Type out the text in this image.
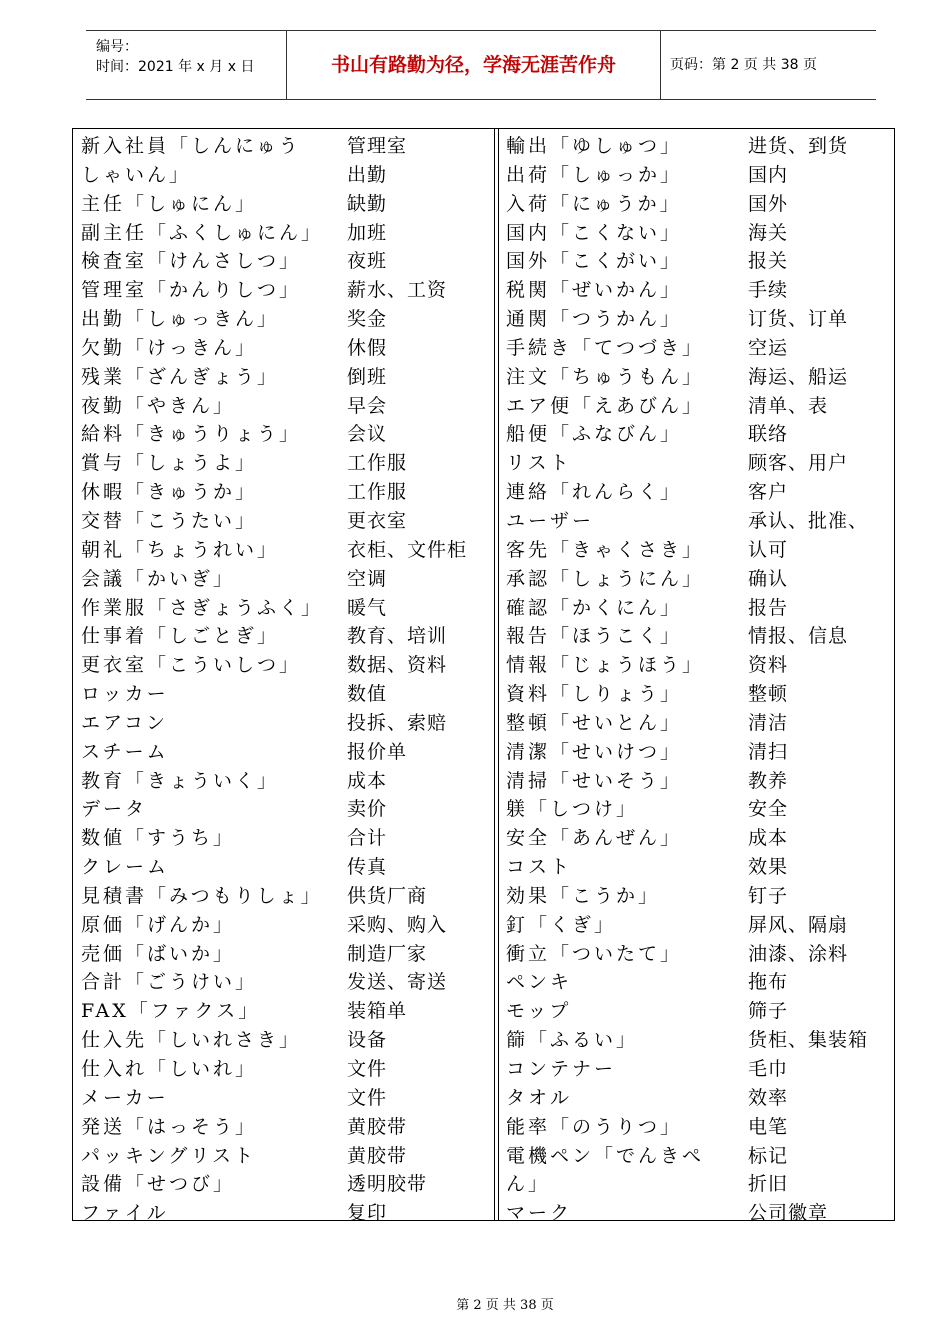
编号：
时间：2021 年 x 月 x 日	书山有路勤为径，学海无涯苦作舟	页码：第 2 页 共 38 页
新入社員「しんにゅう
しゃいん」
主任「しゅにん」
副主任「ふくしゅにん」
検査室「けんさしつ」
管理室「かんりしつ」
出勤「しゅっきん」
欠勤「けっきん」
残業「ざんぎょう」
夜勤「やきん」
給料「きゅうりょう」
賞与「しょうよ」
休暇「きゅうか」
交替「こうたい」
朝礼「ちょうれい」
会議「かいぎ」
作業服「さぎょうふく」
仕事着「しごとぎ」
更衣室「こういしつ」
ロッカー
エアコン
スチーム
教育「きょういく」
データ
数値「すうち」
クレーム
見積書「みつもりしょ」
原価「げんか」
売価「ばいか」
合計「ごうけい」
FAX「ファクス」
仕入先「しいれさき」
仕入れ「しいれ」
メーカー
発送「はっそう」
パッキングリスト
設備「せつび」
ファイル
管理室
出勤
缺勤
加班
夜班
薪水、工资
奖金
休假
倒班
早会
会议
工作服
工作服
更衣室
衣柜、文件柜
空调
暖气
教育、培训
数据、资料
数值
投拆、索赔
报价单
成本
卖价
合计
传真
供货厂商
采购、购入
制造厂家
发送、寄送
装箱单
设备
文件
文件
黄胶带
黄胶带
透明胶带
复印
輸出「ゆしゅつ」
出荷「しゅっか」
入荷「にゅうか」
国内「こくない」
国外「こくがい」
税関「ぜいかん」
通関「つうかん」
手続き「てつづき」
注文「ちゅうもん」
エア便「えあびん」
船便「ふなびん」
リスト
連絡「れんらく」
ユーザー
客先「きゃくさき」
承認「しょうにん」
確認「かくにん」
報告「ほうこく」
情報「じょうほう」
資料「しりょう」
整頓「せいとん」
清潔「せいけつ」
清掃「せいそう」
躾「しつけ」
安全「あんぜん」
コスト
効果「こうか」
釘「くぎ」
衝立「ついたて」
ペンキ
モップ
篩「ふるい」
コンテナー
タオル
能率「のうりつ」
電機ペン「でんきぺ
ん」
マーク
进货、到货
国内
国外
海关
报关
手续
订货、订单
空运
海运、船运
清单、表
联络
顾客、用户
客户
承认、批准、
认可
确认
报告
情报、信息
资料
整顿
清洁
清扫
教养
安全
成本
效果
钉子
屏风、隔扇
油漆、涂料
拖布
筛子
货柜、集装箱
毛巾
效率
电笔
标记
折旧
公司徽章
第 2 页 共 38 页
